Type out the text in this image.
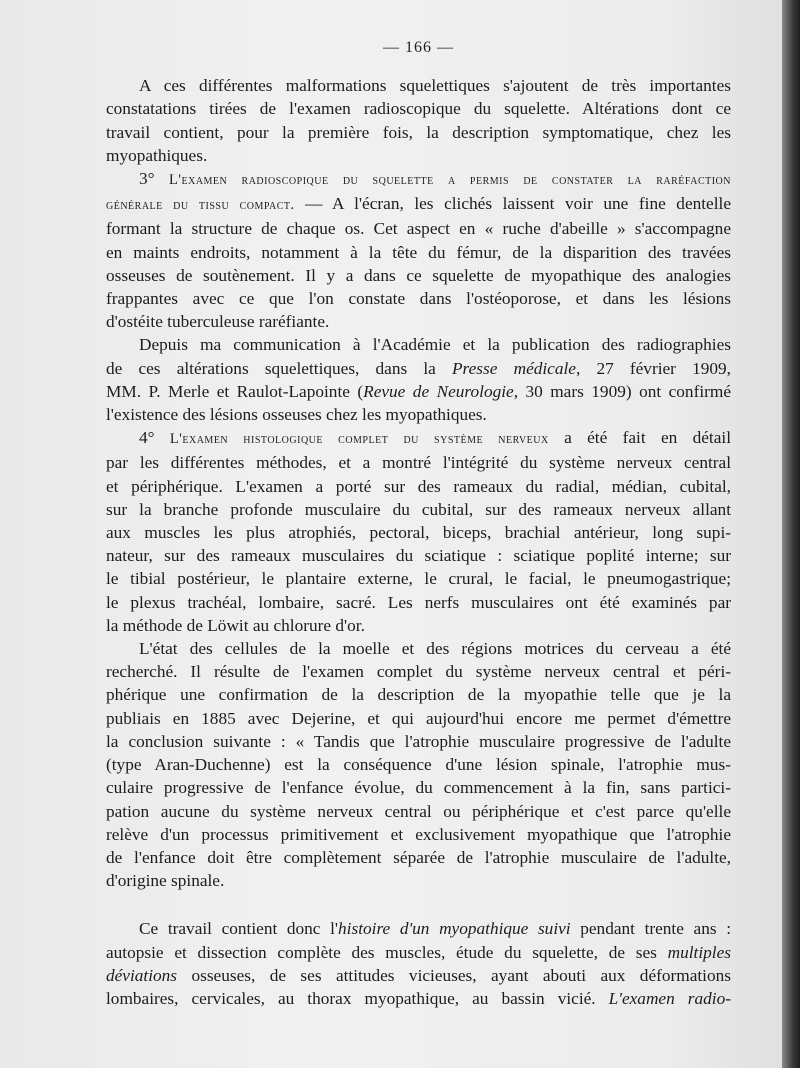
— 166 —
A ces différentes malformations squelettiques s'ajoutent de très importantes
constatations tirées de l'examen radioscopique du squelette. Altérations dont ce
travail contient, pour la première fois, la description symptomatique, chez les
myopathiques.
3° L'examen radioscopique du squelette a permis de constater la raréfaction
générale du tissu compact. — A l'écran, les clichés laissent voir une fine dentelle
formant la structure de chaque os. Cet aspect en « ruche d'abeille » s'accompagne
en maints endroits, notamment à la tête du fémur, de la disparition des travées
osseuses de soutènement. Il y a dans ce squelette de myopathique des analogies
frappantes avec ce que l'on constate dans l'ostéoporose, et dans les lésions
d'ostéite tuberculeuse raréfiante.
Depuis ma communication à l'Académie et la publication des radiographies
de ces altérations squelettiques, dans la Presse médicale, 27 février 1909,
MM. P. Merle et Raulot-Lapointe (Revue de Neurologie, 30 mars 1909) ont confirmé
l'existence des lésions osseuses chez les myopathiques.
4° L'examen histologique complet du système nerveux a été fait en détail
par les différentes méthodes, et a montré l'intégrité du système nerveux central
et périphérique. L'examen a porté sur des rameaux du radial, médian, cubital,
sur la branche profonde musculaire du cubital, sur des rameaux nerveux allant
aux muscles les plus atrophiés, pectoral, biceps, brachial antérieur, long supi-
nateur, sur des rameaux musculaires du sciatique : sciatique poplité interne; sur
le tibial postérieur, le plantaire externe, le crural, le facial, le pneumogastrique;
le plexus trachéal, lombaire, sacré. Les nerfs musculaires ont été examinés par
la méthode de Löwit au chlorure d'or.
L'état des cellules de la moelle et des régions motrices du cerveau a été
recherché. Il résulte de l'examen complet du système nerveux central et péri-
phérique une confirmation de la description de la myopathie telle que je la
publiais en 1885 avec Dejerine, et qui aujourd'hui encore me permet d'émettre
la conclusion suivante : « Tandis que l'atrophie musculaire progressive de l'adulte
(type Aran-Duchenne) est la conséquence d'une lésion spinale, l'atrophie mus-
culaire progressive de l'enfance évolue, du commencement à la fin, sans partici-
pation aucune du système nerveux central ou périphérique et c'est parce qu'elle
relève d'un processus primitivement et exclusivement myopathique que l'atrophie
de l'enfance doit être complètement séparée de l'atrophie musculaire de l'adulte,
d'origine spinale.
Ce travail contient donc l'histoire d'un myopathique suivi pendant trente ans :
autopsie et dissection complète des muscles, étude du squelette, de ses multiples
déviations osseuses, de ses attitudes vicieuses, ayant abouti aux déformations
lombaires, cervicales, au thorax myopathique, au bassin vicié. L'examen radio-
